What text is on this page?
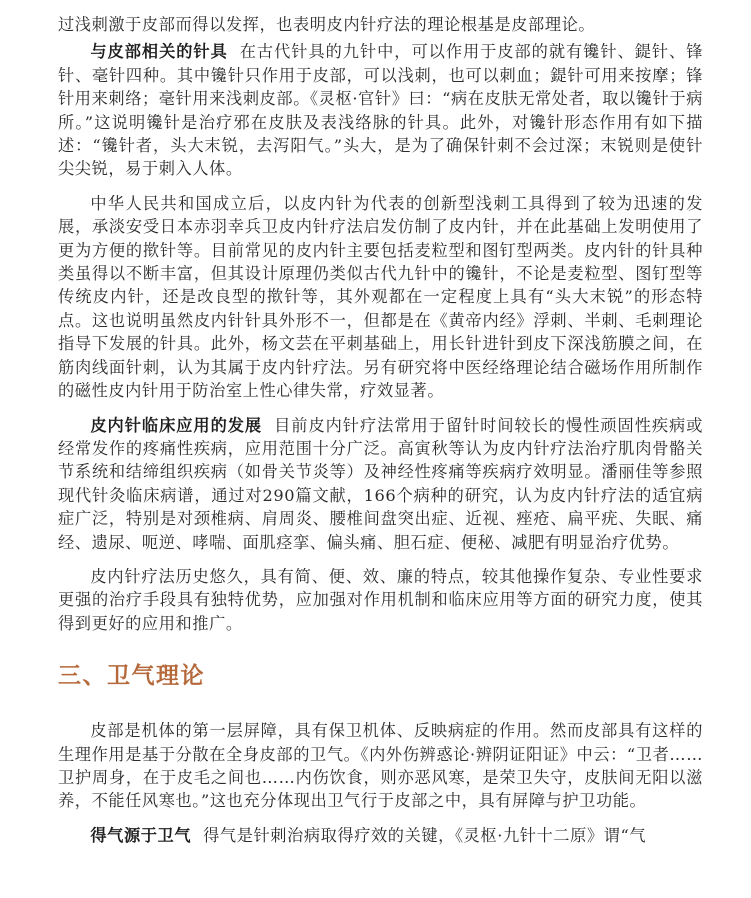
过浅刺激于皮部而得以发挥，也表明皮内针疗法的理论根基是皮部理论。

与皮部相关的针具 在古代针具的九针中，可以作用于皮部的就有镵针、鍉针、锋针、毫针四种。其中镵针只作用于皮部，可以浅刺，也可以刺血；鍉针可用来按摩；锋针用来刺络；毫针用来浅刺皮部。《灵枢·官针》曰：“病在皮肤无常处者，取以镵针于病所。”这说明镵针是治疗邪在皮肤及表浅络脉的针具。此外，对镵针形态作用有如下描述：“镵针者，头大末锐，去泻阳气。”头大，是为了确保针刺不会过深；末锐则是使针尖尖锐，易于刺入人体。

中华人民共和国成立后，以皮内针为代表的创新型浅刺工具得到了较为迅速的发展，承淡安受日本赤羽幸兵卫皮内针疗法启发仿制了皮内针，并在此基础上发明使用了更为方便的揿针等。目前常见的皮内针主要包括麦粒型和图钉型两类。皮内针的针具种类虽得以不断丰富，但其设计原理仍类似古代九针中的镵针，不论是麦粒型、图钉型等传统皮内针，还是改良型的揿针等，其外观都在一定程度上具有“头大末锐”的形态特点。这也说明虽然皮内针针具外形不一，但都是在《黄帝内经》浮刺、半刺、毛刺理论指导下发展的针具。此外，杨文芸在平刺基础上，用长针进针到皮下深浅筋膜之间，在筋肉线面针刺，认为其属于皮内针疗法。另有研究将中医经络理论结合磁场作用所制作的磁性皮内针用于防治室上性心律失常，疗效显著。

皮内针临床应用的发展 目前皮内针疗法常用于留针时间较长的慢性顽固性疾病或经常发作的疼痛性疾病，应用范围十分广泛。高寅秋等认为皮内针疗法治疗肌肉骨骼关节系统和结缔组织疾病（如骨关节炎等）及神经性疼痛等疾病疗效明显。潘丽佳等参照现代针灸临床病谱，通过对290篇文献，166个病种的研究，认为皮内针疗法的适宜病症广泛，特别是对颈椎病、肩周炎、腰椎间盘突出症、近视、痤疮、扁平疣、失眠、痛经、遗尿、呃逆、哮喘、面肌痉挛、偏头痛、胆石症、便秘、减肥有明显治疗优势。

皮内针疗法历史悠久，具有简、便、效、廉的特点，较其他操作复杂、专业性要求更强的治疗手段具有独特优势，应加强对作用机制和临床应用等方面的研究力度，使其得到更好的应用和推广。

三、卫气理论

皮部是机体的第一层屏障，具有保卫机体、反映病症的作用。然而皮部具有这样的生理作用是基于分散在全身皮部的卫气。《内外伤辨惑论·辨阴证阳证》中云：“卫者……卫护周身，在于皮毛之间也……内伤饮食，则亦恶风寒，是荣卫失守，皮肤间无阳以滋养，不能任风寒也。”这也充分体现出卫气行于皮部之中，具有屏障与护卫功能。

得气源于卫气 得气是针刺治病取得疗效的关键，《灵枢·九针十二原》谓“气
